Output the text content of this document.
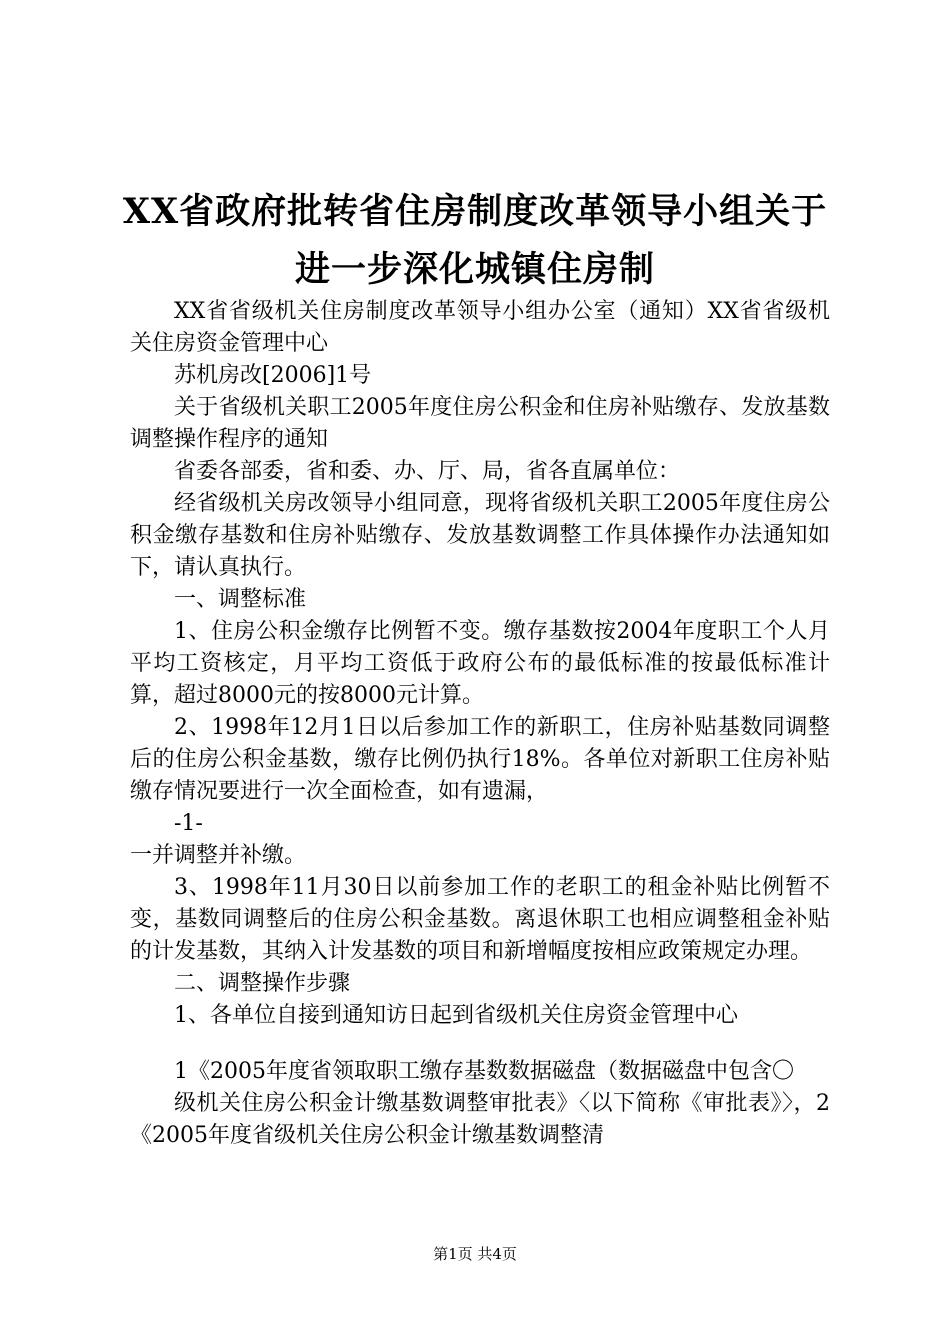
XX省政府批转省住房制度改革领导小组关于
进一步深化城镇住房制

XX省省级机关住房制度改革领导小组办公室（通知）XX省省级机关住房资金管理中心

苏机房改[2006]1号

关于省级机关职工2005年度住房公积金和住房补贴缴存、发放基数调整操作程序的通知

省委各部委，省和委、办、厅、局，省各直属单位：

经省级机关房改领导小组同意，现将省级机关职工2005年度住房公积金缴存基数和住房补贴缴存、发放基数调整工作具体操作办法通知如下，请认真执行。

一、调整标准

1、住房公积金缴存比例暂不变。缴存基数按2004年度职工个人月平均工资核定，月平均工资低于政府公布的最低标准的按最低标准计算，超过8000元的按8000元计算。

2、1998年12月1日以后参加工作的新职工，住房补贴基数同调整后的住房公积金基数，缴存比例仍执行18%。各单位对新职工住房补贴缴存情况要进行一次全面检查，如有遗漏，

-1-

一并调整并补缴。

3、1998年11月30日以前参加工作的老职工的租金补贴比例暂不变，基数同调整后的住房公积金基数。离退休职工也相应调整租金补贴的计发基数，其纳入计发基数的项目和新增幅度按相应政策规定办理。

二、调整操作步骤

1、各单位自接到通知访日起到省级机关住房资金管理中心

1《2005年度省领取职工缴存基数数据磁盘（数据磁盘中包含〇

级机关住房公积金计缴基数调整审批表》〈以下简称《审批表》〉，2《2005年度省级机关住房公积金计缴基数调整清

第1页 共4页
